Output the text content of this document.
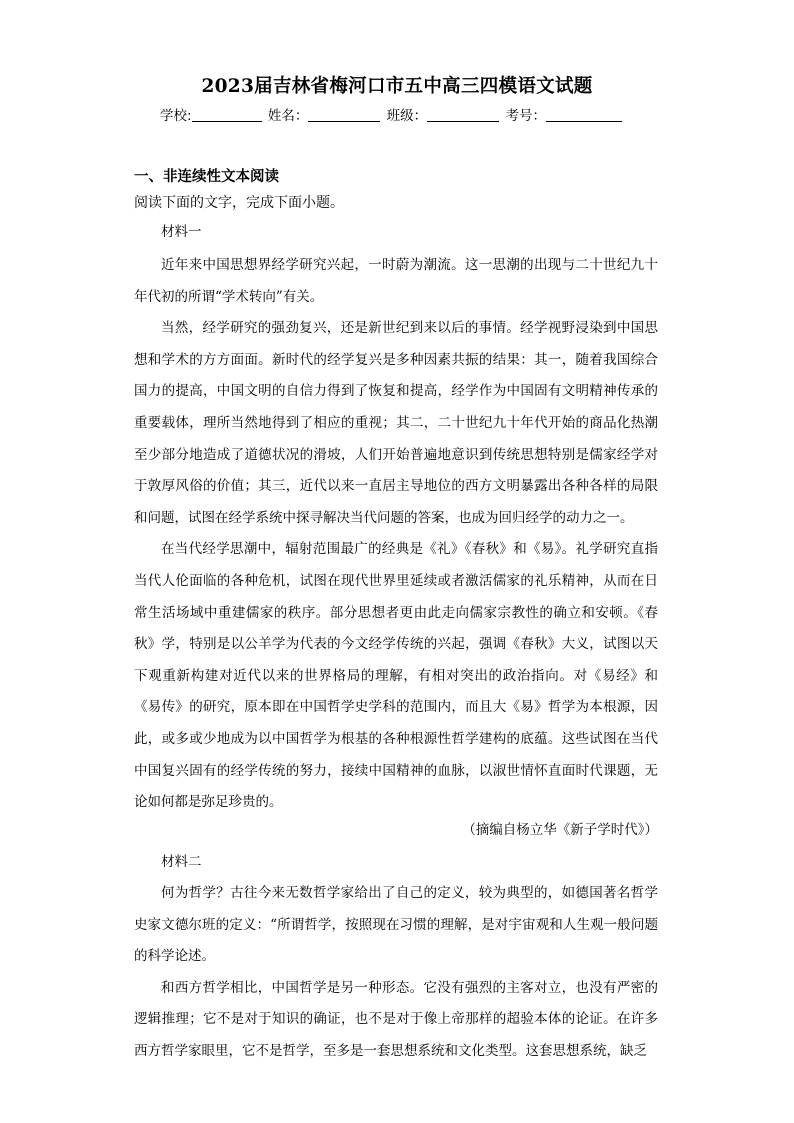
2023届吉林省梅河口市五中高三四模语文试题
学校:	姓名：	班级：	考号：
一、非连续性文本阅读
阅读下面的文字，完成下面小题。
材料一

近年来中国思想界经学研究兴起，一时蔚为潮流。这一思潮的出现与二十世纪九十年代初的所谓“学术转向”有关。

当然，经学研究的强劲复兴，还是新世纪到来以后的事情。经学视野浸染到中国思想和学术的方方面面。新时代的经学复兴是多种因素共振的结果：其一，随着我国综合国力的提高，中国文明的自信力得到了恢复和提高，经学作为中国固有文明精神传承的重要载体，理所当然地得到了相应的重视；其二，二十世纪九十年代开始的商品化热潮至少部分地造成了道德状况的滑坡，人们开始普遍地意识到传统思想特别是儒家经学对于敦厚风俗的价值；其三，近代以来一直居主导地位的西方文明暴露出各种各样的局限和问题，试图在经学系统中探寻解决当代问题的答案，也成为回归经学的动力之一。

在当代经学思潮中，辐射范围最广的经典是《礼》《春秋》和《易》。礼学研究直指当代人伦面临的各种危机，试图在现代世界里延续或者激活儒家的礼乐精神，从而在日常生活场域中重建儒家的秩序。部分思想者更由此走向儒家宗教性的确立和安顿。《春秋》学，特别是以公羊学为代表的今文经学传统的兴起，强调《春秋》大义，试图以天下观重新构建对近代以来的世界格局的理解，有相对突出的政治指向。对《易经》和《易传》的研究，原本即在中国哲学史学科的范围内，而且大《易》哲学为本根源，因此，或多或少地成为以中国哲学为根基的各种根源性哲学建构的底蕴。这些试图在当代中国复兴固有的经学传统的努力，接续中国精神的血脉，以淑世情怀直面时代课题，无论如何都是弥足珍贵的。

（摘编自杨立华《新子学时代》）
材料二

何为哲学？古往今来无数哲学家给出了自己的定义，较为典型的，如德国著名哲学史家文德尔班的定义：“所谓哲学，按照现在习惯的理解，是对宇宙观和人生观一般问题的科学论述。

和西方哲学相比，中国哲学是另一种形态。它没有强烈的主客对立，也没有严密的逻辑推理；它不是对于知识的确证，也不是对于像上帝那样的超验本体的论证。在许多西方哲学家眼里，它不是哲学，至多是一套思想系统和文化类型。这套思想系统，缺乏
